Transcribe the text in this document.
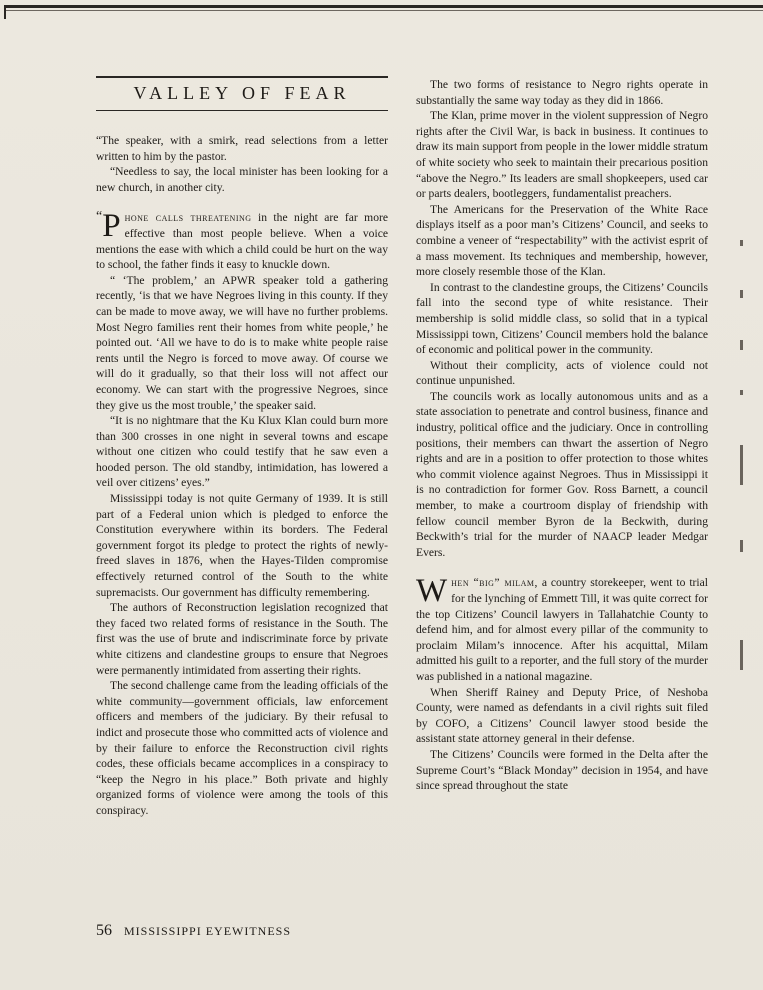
VALLEY OF FEAR

“The speaker, with a smirk, read selections from a letter written to him by the pastor.

“Needless to say, the local minister has been looking for a new church, in another city.

“ P hone calls threatening in the night are far more effective than most people believe. When a voice mentions the ease with which a child could be hurt on the way to school, the father finds it easy to knuckle down.

“ ‘The problem,’ an APWR speaker told a gathering recently, ‘is that we have Negroes living in this county. If they can be made to move away, we will have no further problems. Most Negro families rent their homes from white people,’ he pointed out. ‘All we have to do is to make white people raise rents until the Negro is forced to move away. Of course we will do it gradually, so that their loss will not affect our economy. We can start with the progressive Negroes, since they give us the most trouble,’ the speaker said.

“It is no nightmare that the Ku Klux Klan could burn more than 300 crosses in one night in several towns and escape without one citizen who could testify that he saw even a hooded person. The old standby, intimidation, has lowered a veil over citizens’ eyes.”

Mississippi today is not quite Germany of 1939. It is still part of a Federal union which is pledged to enforce the Constitution everywhere within its borders. The Federal government forgot its pledge to protect the rights of newly-freed slaves in 1876, when the Hayes-Tilden compromise effectively returned control of the South to the white supremacists. Our government has difficulty remembering.

The authors of Reconstruction legislation recognized that they faced two related forms of resistance in the South. The first was the use of brute and indiscriminate force by private white citizens and clandestine groups to ensure that Negroes were permanently intimidated from asserting their rights.

The second challenge came from the leading officials of the white community—government officials, law enforcement officers and members of the judiciary. By their refusal to indict and prosecute those who committed acts of violence and by their failure to enforce the Reconstruction civil rights codes, these officials became accomplices in a conspiracy to “keep the Negro in his place.” Both private and highly organized forms of violence were among the tools of this conspiracy.

The two forms of resistance to Negro rights operate in substantially the same way today as they did in 1866.

The Klan, prime mover in the violent suppression of Negro rights after the Civil War, is back in business. It continues to draw its main support from people in the lower middle stratum of white society who seek to maintain their precarious position “above the Negro.” Its leaders are small shopkeepers, used car or parts dealers, bootleggers, fundamentalist preachers.

The Americans for the Preservation of the White Race displays itself as a poor man’s Citizens’ Council, and seeks to combine a veneer of “respectability” with the activist esprit of a mass movement. Its techniques and membership, however, more closely resemble those of the Klan.

In contrast to the clandestine groups, the Citizens’ Councils fall into the second type of white resistance. Their membership is solid middle class, so solid that in a typical Mississippi town, Citizens’ Council members hold the balance of economic and political power in the community.

Without their complicity, acts of violence could not continue unpunished.

The councils work as locally autonomous units and as a state association to penetrate and control business, finance and industry, political office and the judiciary. Once in controlling positions, their members can thwart the assertion of Negro rights and are in a position to offer protection to those whites who commit violence against Negroes. Thus in Mississippi it is no contradiction for former Gov. Ross Barnett, a council member, to make a courtroom display of friendship with fellow council member Byron de la Beckwith, during Beckwith’s trial for the murder of NAACP leader Medgar Evers.

When “big” milam, a country storekeeper, went to trial for the lynching of Emmett Till, it was quite correct for the top Citizens’ Council lawyers in Tallahatchie County to defend him, and for almost every pillar of the community to proclaim Milam’s innocence. After his acquittal, Milam admitted his guilt to a reporter, and the full story of the murder was published in a national magazine.

When Sheriff Rainey and Deputy Price, of Neshoba County, were named as defendants in a civil rights suit filed by COFO, a Citizens’ Council lawyer stood beside the assistant state attorney general in their defense.

The Citizens’ Councils were formed in the Delta after the Supreme Court’s “Black Monday” decision in 1954, and have since spread throughout the state

56 MISSISSIPPI EYEWITNESS
